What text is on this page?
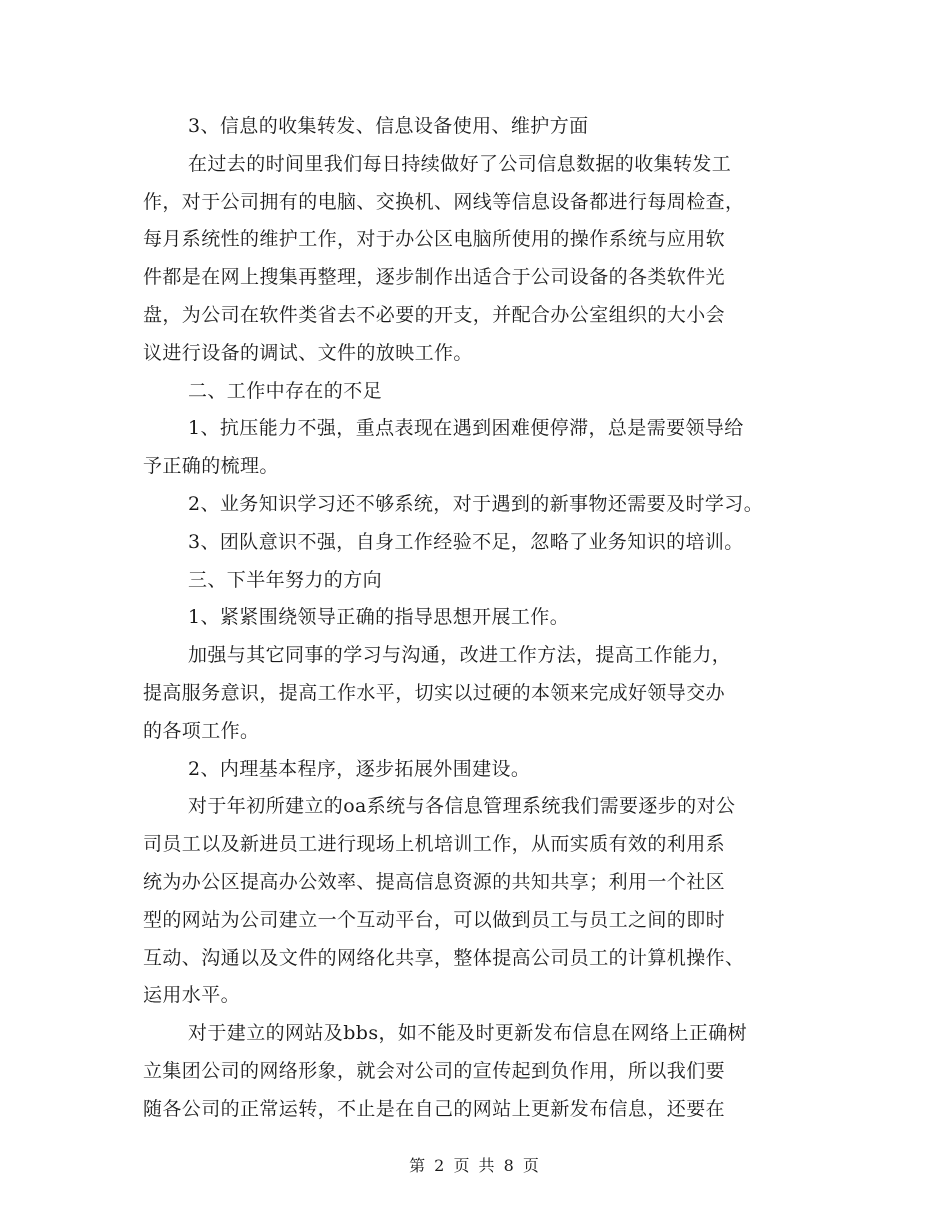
3、信息的收集转发、信息设备使用、维护方面
在过去的时间里我们每日持续做好了公司信息数据的收集转发工
作，对于公司拥有的电脑、交换机、网线等信息设备都进行每周检查，
每月系统性的维护工作，对于办公区电脑所使用的操作系统与应用软
件都是在网上搜集再整理，逐步制作出适合于公司设备的各类软件光
盘，为公司在软件类省去不必要的开支，并配合办公室组织的大小会
议进行设备的调试、文件的放映工作。
二、工作中存在的不足
1、抗压能力不强，重点表现在遇到困难便停滞，总是需要领导给
予正确的梳理。
2、业务知识学习还不够系统，对于遇到的新事物还需要及时学习。
3、团队意识不强，自身工作经验不足，忽略了业务知识的培训。
三、下半年努力的方向
1、紧紧围绕领导正确的指导思想开展工作。
加强与其它同事的学习与沟通，改进工作方法，提高工作能力，
提高服务意识，提高工作水平，切实以过硬的本领来完成好领导交办
的各项工作。
2、内理基本程序，逐步拓展外围建设。
对于年初所建立的oa系统与各信息管理系统我们需要逐步的对公
司员工以及新进员工进行现场上机培训工作，从而实质有效的利用系
统为办公区提高办公效率、提高信息资源的共知共享；利用一个社区
型的网站为公司建立一个互动平台，可以做到员工与员工之间的即时
互动、沟通以及文件的网络化共享，整体提高公司员工的计算机操作、
运用水平。
对于建立的网站及bbs，如不能及时更新发布信息在网络上正确树
立集团公司的网络形象，就会对公司的宣传起到负作用，所以我们要
随各公司的正常运转，不止是在自己的网站上更新发布信息，还要在
第 2 页 共 8 页
